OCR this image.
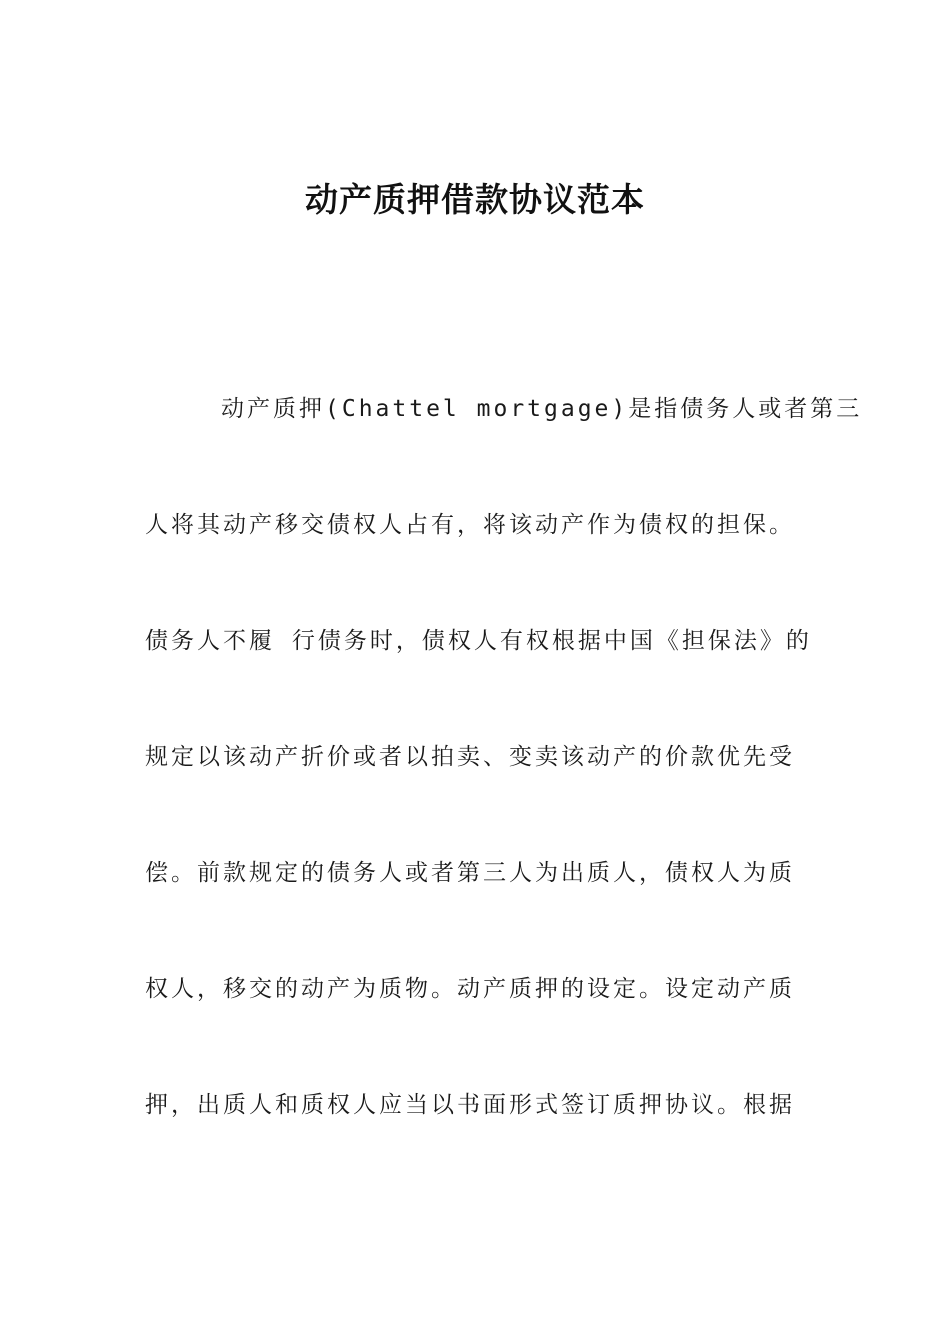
动产质押借款协议范本
动产质押(Chattel mortgage)是指债务人或者第三
人将其动产移交债权人占有，将该动产作为债权的担保。
债务人不履 行债务时，债权人有权根据中国《担保法》的
规定以该动产折价或者以拍卖、变卖该动产的价款优先受
偿。前款规定的债务人或者第三人为出质人，债权人为质
权人，移交的动产为质物。动产质押的设定。设定动产质
押，出质人和质权人应当以书面形式签订质押协议。根据
